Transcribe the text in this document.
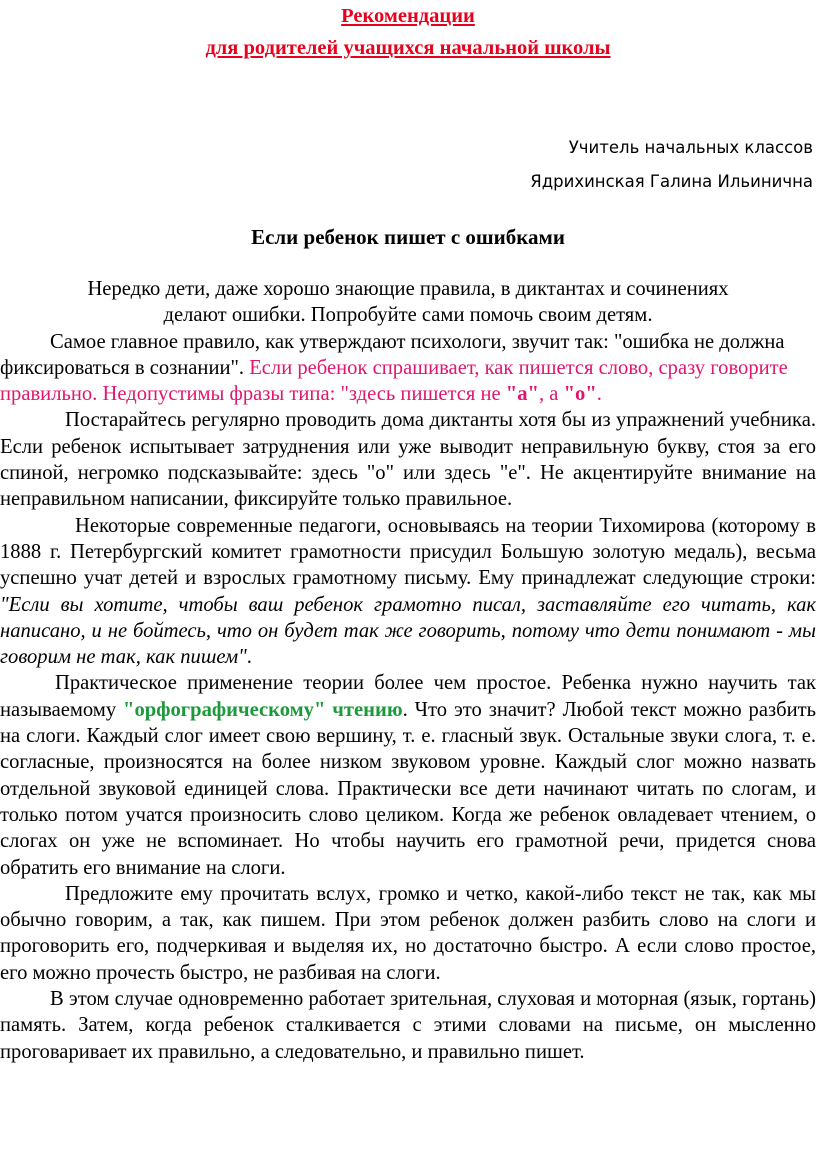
Рекомендации
для родителей учащихся начальной школы
Учитель начальных классов
Ядрихинская Галина Ильинична
Если ребенок пишет с ошибками

Нередко дети, даже хорошо знающие правила, в диктантах и сочинениях

делают ошибки. Попробуйте сами помочь своим детям.

Самое главное правило, как утверждают психологи, звучит так: "ошибка не должна фиксироваться в сознании". Если ребенок спрашивает, как пишется слово, сразу говорите правильно. Недопустимы фразы типа: "здесь пишется не "а", а "о".

Постарайтесь регулярно проводить дома диктанты хотя бы из упражнений учебника. Если ребенок испытывает затруднения или уже выводит неправильную букву, стоя за его спиной, негромко подсказывайте: здесь "о" или здесь "е". Не акцентируйте внимание на неправильном написании, фиксируйте только правильное.

Некоторые современные педагоги, основываясь на теории Тихомирова (которому в 1888 г. Петербургский комитет грамотности присудил Большую золотую медаль), весьма успешно учат детей и взрослых грамотному письму. Ему принадлежат следующие строки: "Если вы хотите, чтобы ваш ребенок грамотно писал, заставляйте его читать, как написано, и не бойтесь, что он будет так же говорить, потому что дети понимают - мы говорим не так, как пишем".

Практическое применение теории более чем простое. Ребенка нужно научить так называемому "орфографическому" чтению. Что это значит? Любой текст можно разбить на слоги. Каждый слог имеет свою вершину, т. е. гласный звук. Остальные звуки слога, т. е. согласные, произносятся на более низком звуковом уровне. Каждый слог можно назвать отдельной звуковой единицей слова. Практически все дети начинают читать по слогам, и только потом учатся произносить слово целиком. Когда же ребенок овладевает чтением, о слогах он уже не вспоминает. Но чтобы научить его грамотной речи, придется снова обратить его внимание на слоги.

Предложите ему прочитать вслух, громко и четко, какой-либо текст не так, как мы обычно говорим, а так, как пишем. При этом ребенок должен разбить слово на слоги и проговорить его, подчеркивая и выделяя их, но достаточно быстро. А если слово простое, его можно прочесть быстро, не разбивая на слоги.

В этом случае одновременно работает зрительная, слуховая и моторная (язык, гортань) память. Затем, когда ребенок сталкивается с этими словами на письме, он мысленно проговаривает их правильно, а следовательно, и правильно пишет.
